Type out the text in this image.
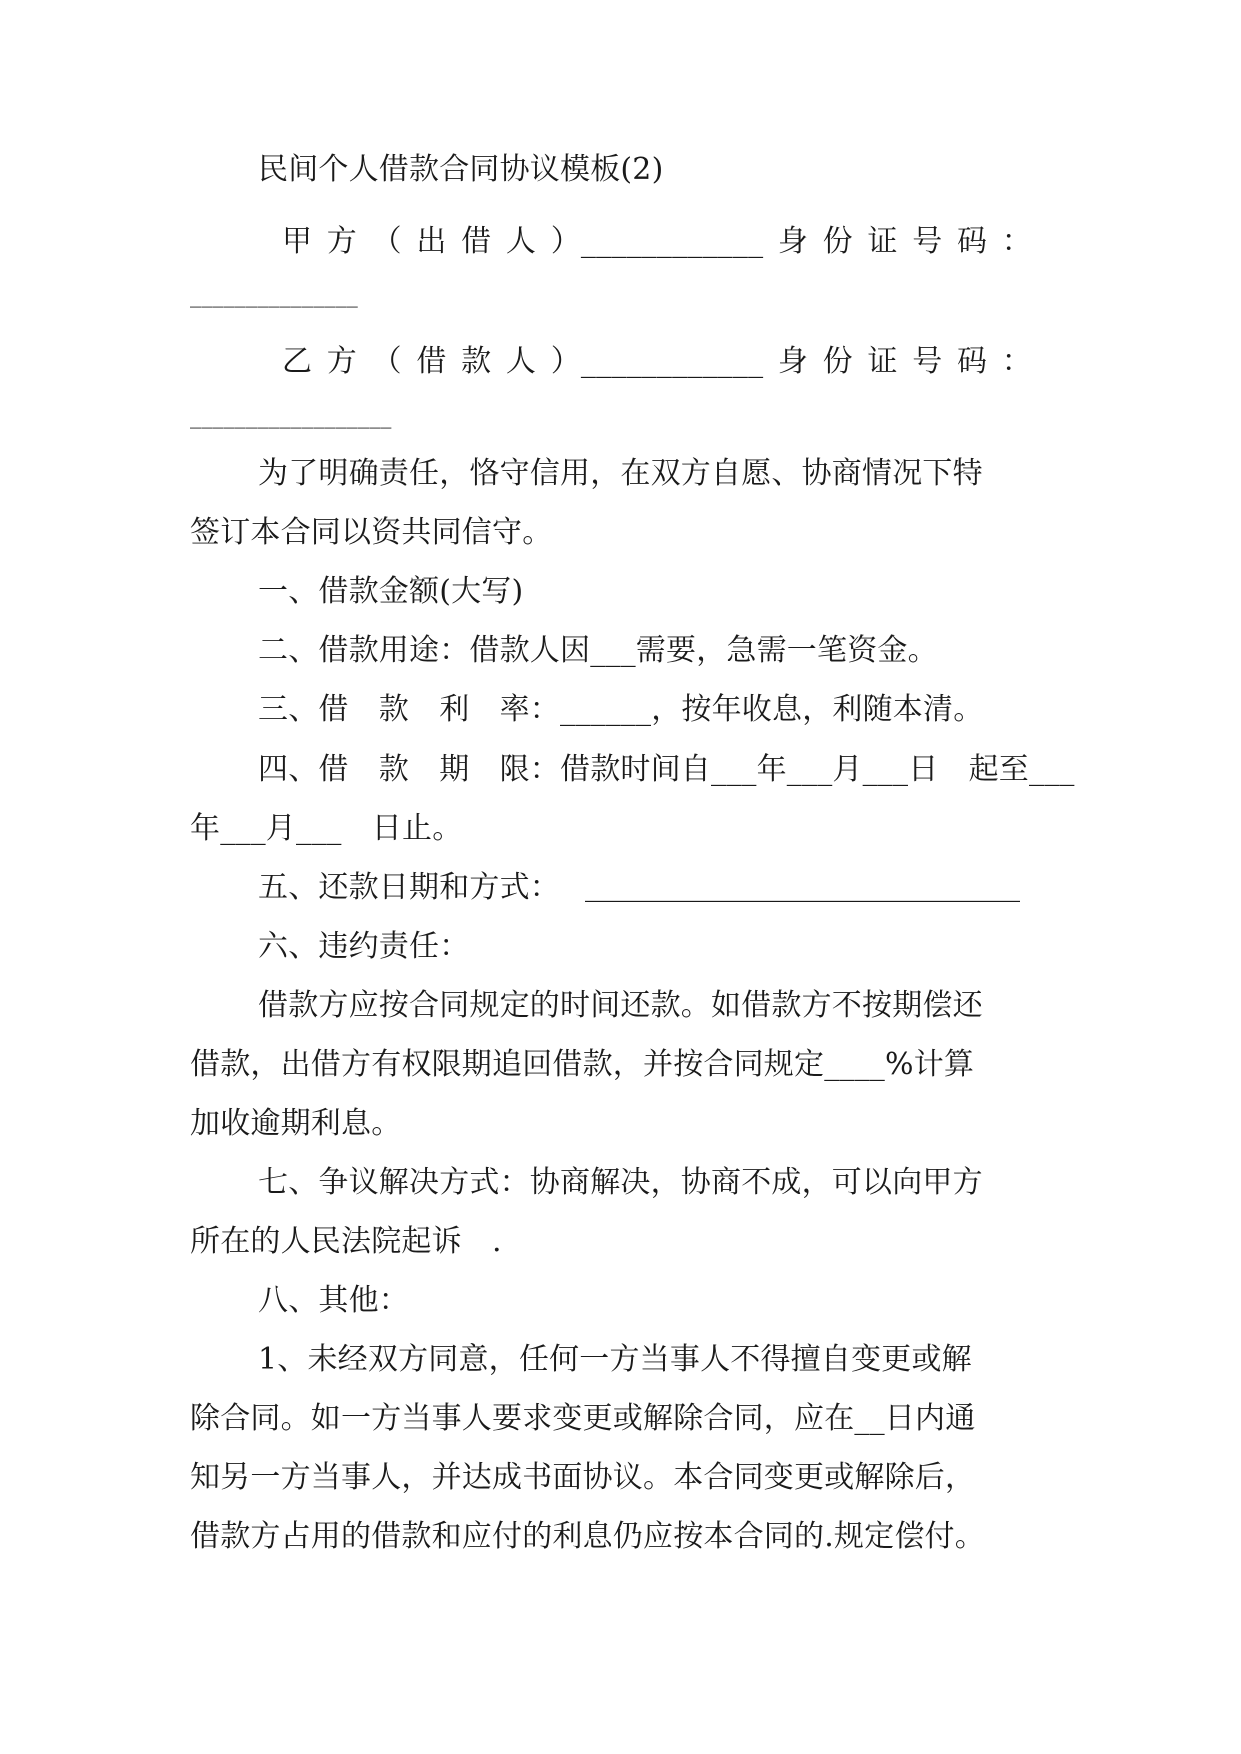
民间个人借款合同协议模板(2)
甲 方 （ 出 借 人 ）____________ 身 份 证 号 码 ：
_______________
乙 方 （ 借 款 人 ）____________ 身 份 证 号 码 ：
__________________
为了明确责任，恪守信用，在双方自愿、协商情况下特
签订本合同以资共同信守。
一、借款金额(大写)
二、借款用途：借款人因___需要，急需一笔资金。
三、借　款　利　率：______，按年收息，利随本清。
四、借　款　期　限：借款时间自___年___月___日　起至___
年___月___　日止。
五、还款日期和方式： _____________________________
六、违约责任：
借款方应按合同规定的时间还款。如借款方不按期偿还
借款，出借方有权限期追回借款，并按合同规定____%计算
加收逾期利息。
七、争议解决方式：协商解决，协商不成，可以向甲方
所在的人民法院起诉　.
八、其他：
1、未经双方同意，任何一方当事人不得擅自变更或解
除合同。如一方当事人要求变更或解除合同，应在__日内通
知另一方当事人，并达成书面协议。本合同变更或解除后，
借款方占用的借款和应付的利息仍应按本合同的.规定偿付。
